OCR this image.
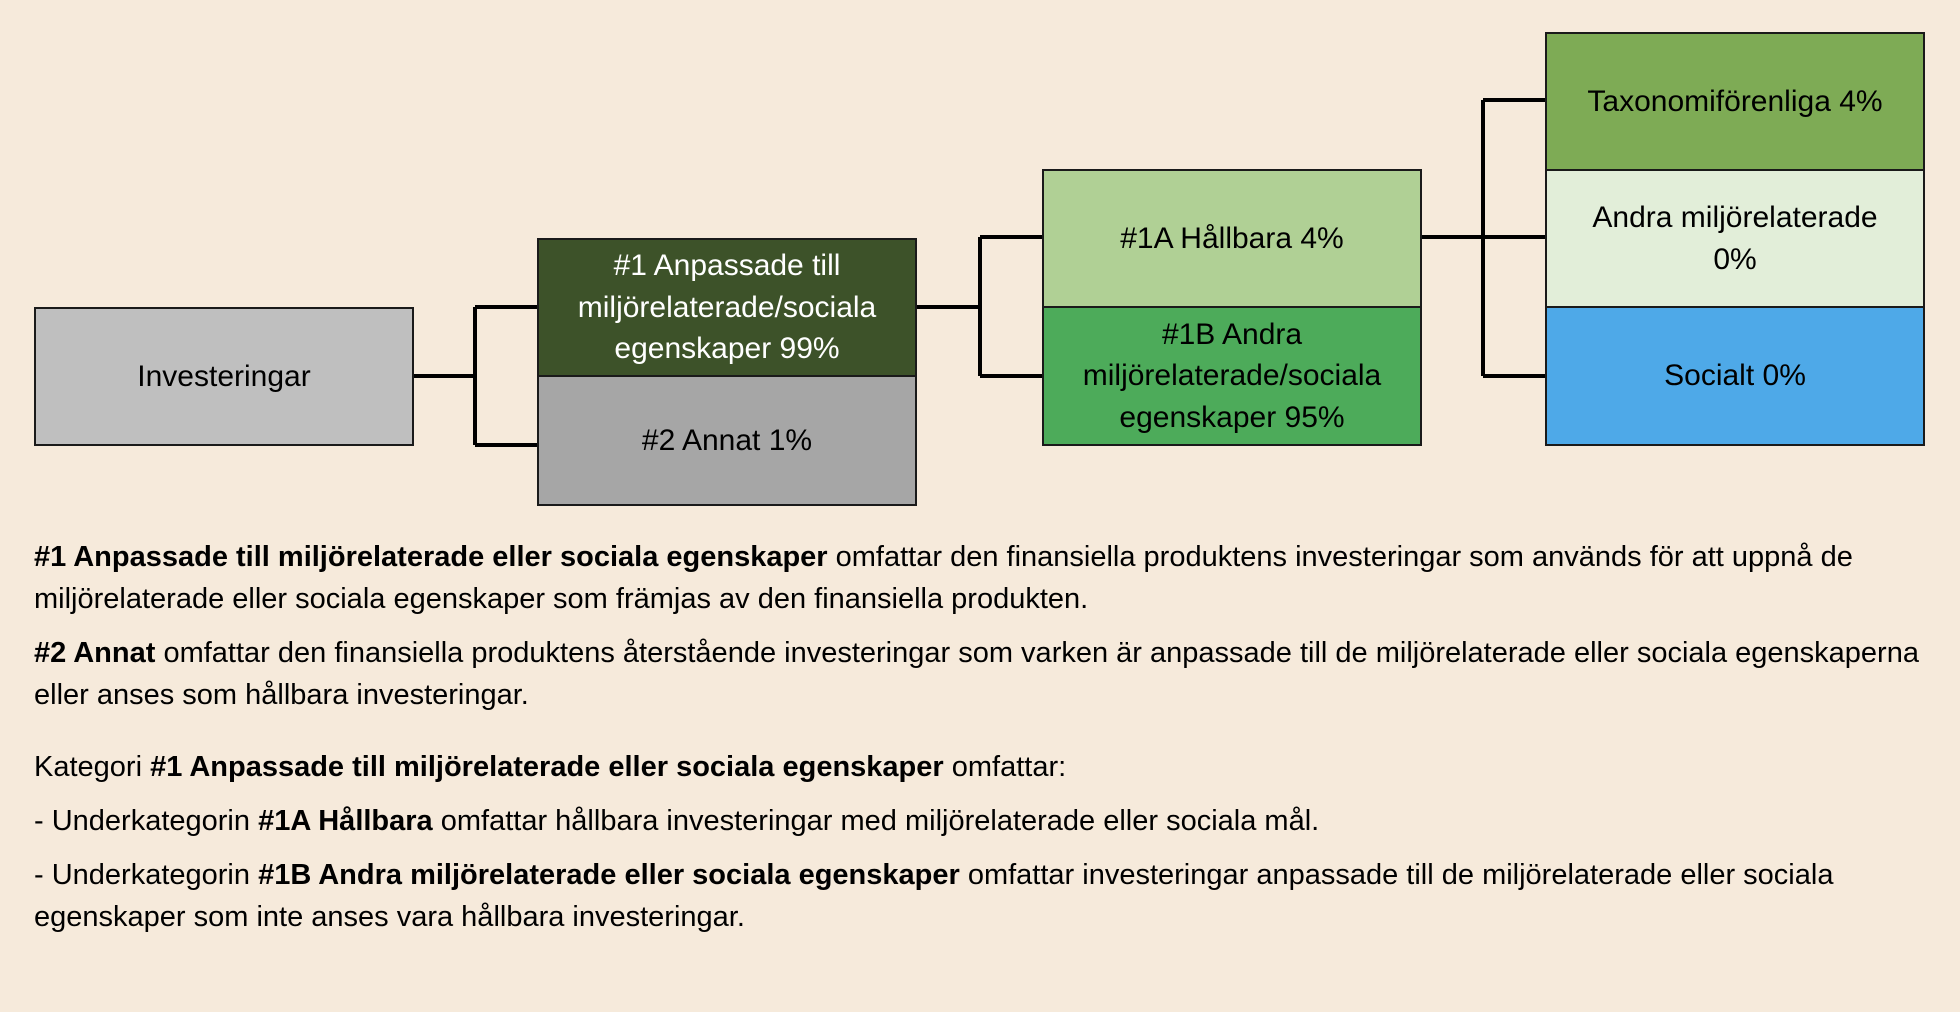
Investeringar
#1 Anpassade till miljörelaterade/sociala egenskaper 99%
#2 Annat 1%
#1A Hållbara 4%
#1B Andra miljörelaterade/sociala egenskaper 95%
Taxonomiförenliga 4%
Andra miljörelaterade 0%
Socialt 0%

#1 Anpassade till miljörelaterade eller sociala egenskaper omfattar den finansiella produktens investeringar som används för att uppnå de miljörelaterade eller sociala egenskaper som främjas av den finansiella produkten.

#2 Annat omfattar den finansiella produktens återstående investeringar som varken är anpassade till de miljörelaterade eller sociala egenskaperna eller anses som hållbara investeringar.

Kategori #1 Anpassade till miljörelaterade eller sociala egenskaper omfattar:

- Underkategorin #1A Hållbara omfattar hållbara investeringar med miljörelaterade eller sociala mål.

- Underkategorin #1B Andra miljörelaterade eller sociala egenskaper omfattar investeringar anpassade till de miljörelaterade eller sociala egenskaper som inte anses vara hållbara investeringar.
